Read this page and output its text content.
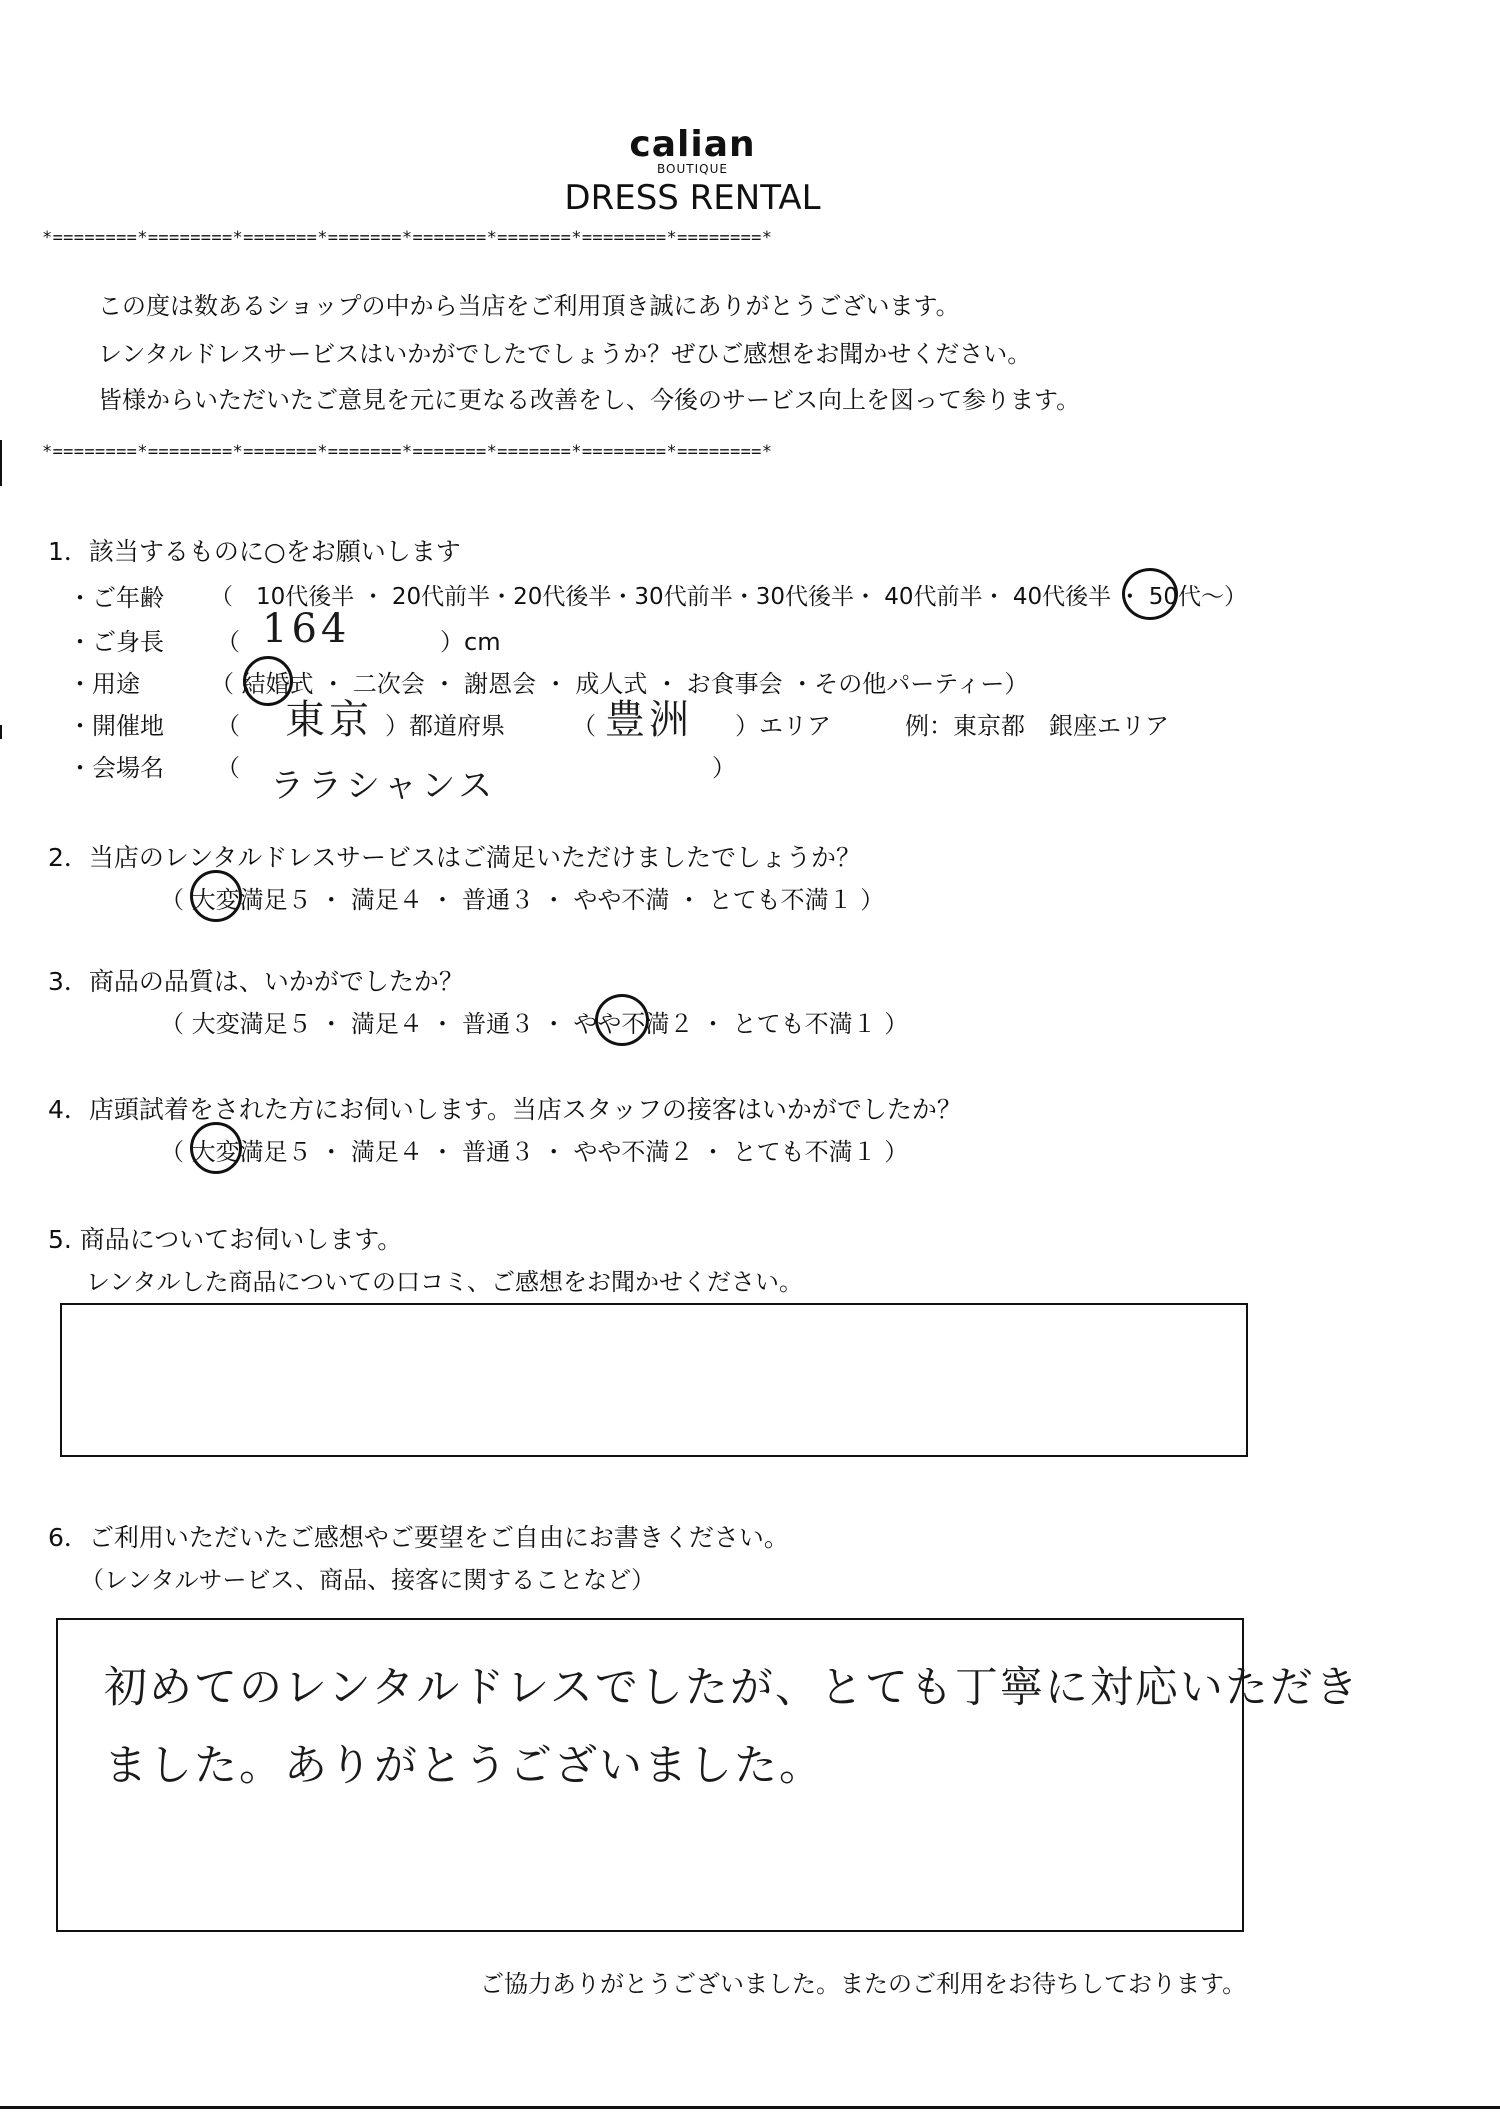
calian
BOUTIQUE
DRESS RENTAL
*========*========*=======*=======*=======*=======*========*========*
この度は数あるショップの中から当店をご利用頂き誠にありがとうございます。
レンタルドレスサービスはいかがでしたでしょうか？ぜひご感想をお聞かせください。
皆様からいただいたご意見を元に更なる改善をし、今後のサービス向上を図って参ります。
*========*========*=======*=======*=======*=======*========*========*
1．該当するものに○をお願いします
・ご年齢 （　10代後半 ・ 20代前半・20代後半・30代前半・30代後半・ 40代前半・ 40代後半 ・ 50代～）
・ご身長 （ 164	）cm
・用途	（ 結婚式 ・ 二次会 ・ 謝恩会 ・ 成人式 ・ お食事会 ・その他パーティー）
・開催地 （ 東京 ）都道府県	（ 豊洲 ）エリア	例：東京都　銀座エリア
・会場名 （ ララシャンス	）
2．当店のレンタルドレスサービスはご満足いただけましたでしょうか？
（ 大変満足５ ・ 満足４ ・ 普通３ ・ やや不満 ・ とても不満１ ）
3．商品の品質は、いかがでしたか？
（ 大変満足５ ・ 満足４ ・ 普通３ ・ やや不満２ ・ とても不満１ ）
4．店頭試着をされた方にお伺いします。当店スタッフの接客はいかがでしたか？
（ 大変満足５ ・ 満足４ ・ 普通３ ・ やや不満２ ・ とても不満１ ）
5. 商品についてお伺いします。
レンタルした商品についての口コミ、ご感想をお聞かせください。
6．ご利用いただいたご感想やご要望をご自由にお書きください。
（レンタルサービス、商品、接客に関することなど）
初めてのレンタルドレスでしたが、とても丁寧に対応いただき
ました。ありがとうございました。
ご協力ありがとうございました。またのご利用をお待ちしております。
